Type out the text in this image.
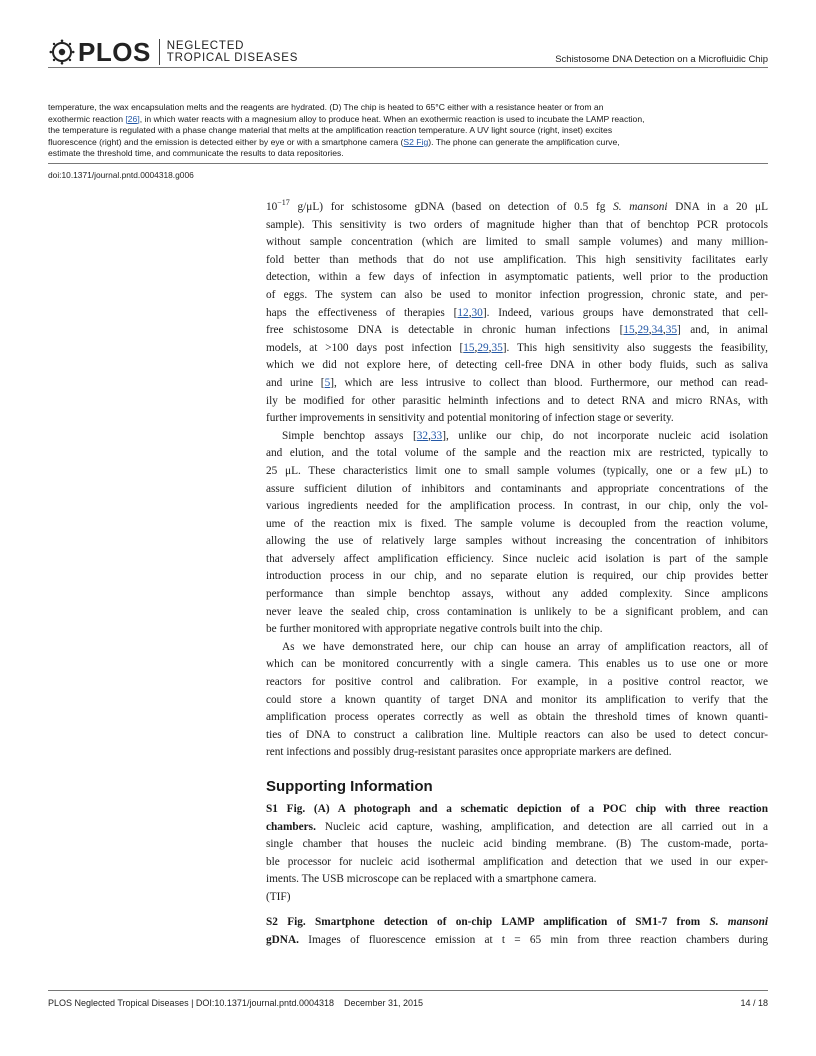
PLOS NEGLECTED
TROPICAL DISEASES	Schistosome DNA Detection on a Microfluidic Chip

temperature, the wax encapsulation melts and the reagents are hydrated. (D) The chip is heated to 65°C either with a resistance heater or from an

exothermic reaction [26], in which water reacts with a magnesium alloy to produce heat. When an exothermic reaction is used to incubate the LAMP reaction,

the temperature is regulated with a phase change material that melts at the amplification reaction temperature. A UV light source (right, inset) excites

fluorescence (right) and the emission is detected either by eye or with a smartphone camera (S2 Fig). The phone can generate the amplification curve,

estimate the threshold time, and communicate the results to data repositories.

doi:10.1371/journal.pntd.0004318.g006
$10^{-17}$ g/μL) for schistosome gDNA (based on detection of 0.5 fg S. mansoni DNA in a 20 μL
sample). This sensitivity is two orders of magnitude higher than that of benchtop PCR protocols
without sample concentration (which are limited to small sample volumes) and many million-
fold better than methods that do not use amplification. This high sensitivity facilitates early
detection, within a few days of infection in asymptomatic patients, well prior to the production
of eggs. The system can also be used to monitor infection progression, chronic state, and per-
haps the effectiveness of therapies [12,30]. Indeed, various groups have demonstrated that cell-
free schistosome DNA is detectable in chronic human infections [15,29,34,35] and, in animal
models, at >100 days post infection [15,29,35]. This high sensitivity also suggests the feasibility,
which we did not explore here, of detecting cell-free DNA in other body fluids, such as saliva
and urine [5], which are less intrusive to collect than blood. Furthermore, our method can read-
ily be modified for other parasitic helminth infections and to detect RNA and micro RNAs, with
further improvements in sensitivity and potential monitoring of infection stage or severity.
Simple benchtop assays [32,33], unlike our chip, do not incorporate nucleic acid isolation
and elution, and the total volume of the sample and the reaction mix are restricted, typically to
25 μL. These characteristics limit one to small sample volumes (typically, one or a few μL) to
assure sufficient dilution of inhibitors and contaminants and appropriate concentrations of the
various ingredients needed for the amplification process. In contrast, in our chip, only the vol-
ume of the reaction mix is fixed. The sample volume is decoupled from the reaction volume,
allowing the use of relatively large samples without increasing the concentration of inhibitors
that adversely affect amplification efficiency. Since nucleic acid isolation is part of the sample
introduction process in our chip, and no separate elution is required, our chip provides better
performance than simple benchtop assays, without any added complexity. Since amplicons
never leave the sealed chip, cross contamination is unlikely to be a significant problem, and can
be further monitored with appropriate negative controls built into the chip.
As we have demonstrated here, our chip can house an array of amplification reactors, all of
which can be monitored concurrently with a single camera. This enables us to use one or more
reactors for positive control and calibration. For example, in a positive control reactor, we
could store a known quantity of target DNA and monitor its amplification to verify that the
amplification process operates correctly as well as obtain the threshold times of known quanti-
ties of DNA to construct a calibration line. Multiple reactors can also be used to detect concur-
rent infections and possibly drug-resistant parasites once appropriate markers are defined.
Supporting Information
S1 Fig. (A) A photograph and a schematic depiction of a POC chip with three reaction
chambers. Nucleic acid capture, washing, amplification, and detection are all carried out in a
single chamber that houses the nucleic acid binding membrane. (B) The custom-made, porta-
ble processor for nucleic acid isothermal amplification and detection that we used in our exper-
iments. The USB microscope can be replaced with a smartphone camera.
(TIF)
S2 Fig. Smartphone detection of on-chip LAMP amplification of SM1-7 from S. mansoni
gDNA. Images of fluorescence emission at t = 65 min from three reaction chambers during
PLOS Neglected Tropical Diseases | DOI:10.1371/journal.pntd.0004318    December 31, 2015	14 / 18
